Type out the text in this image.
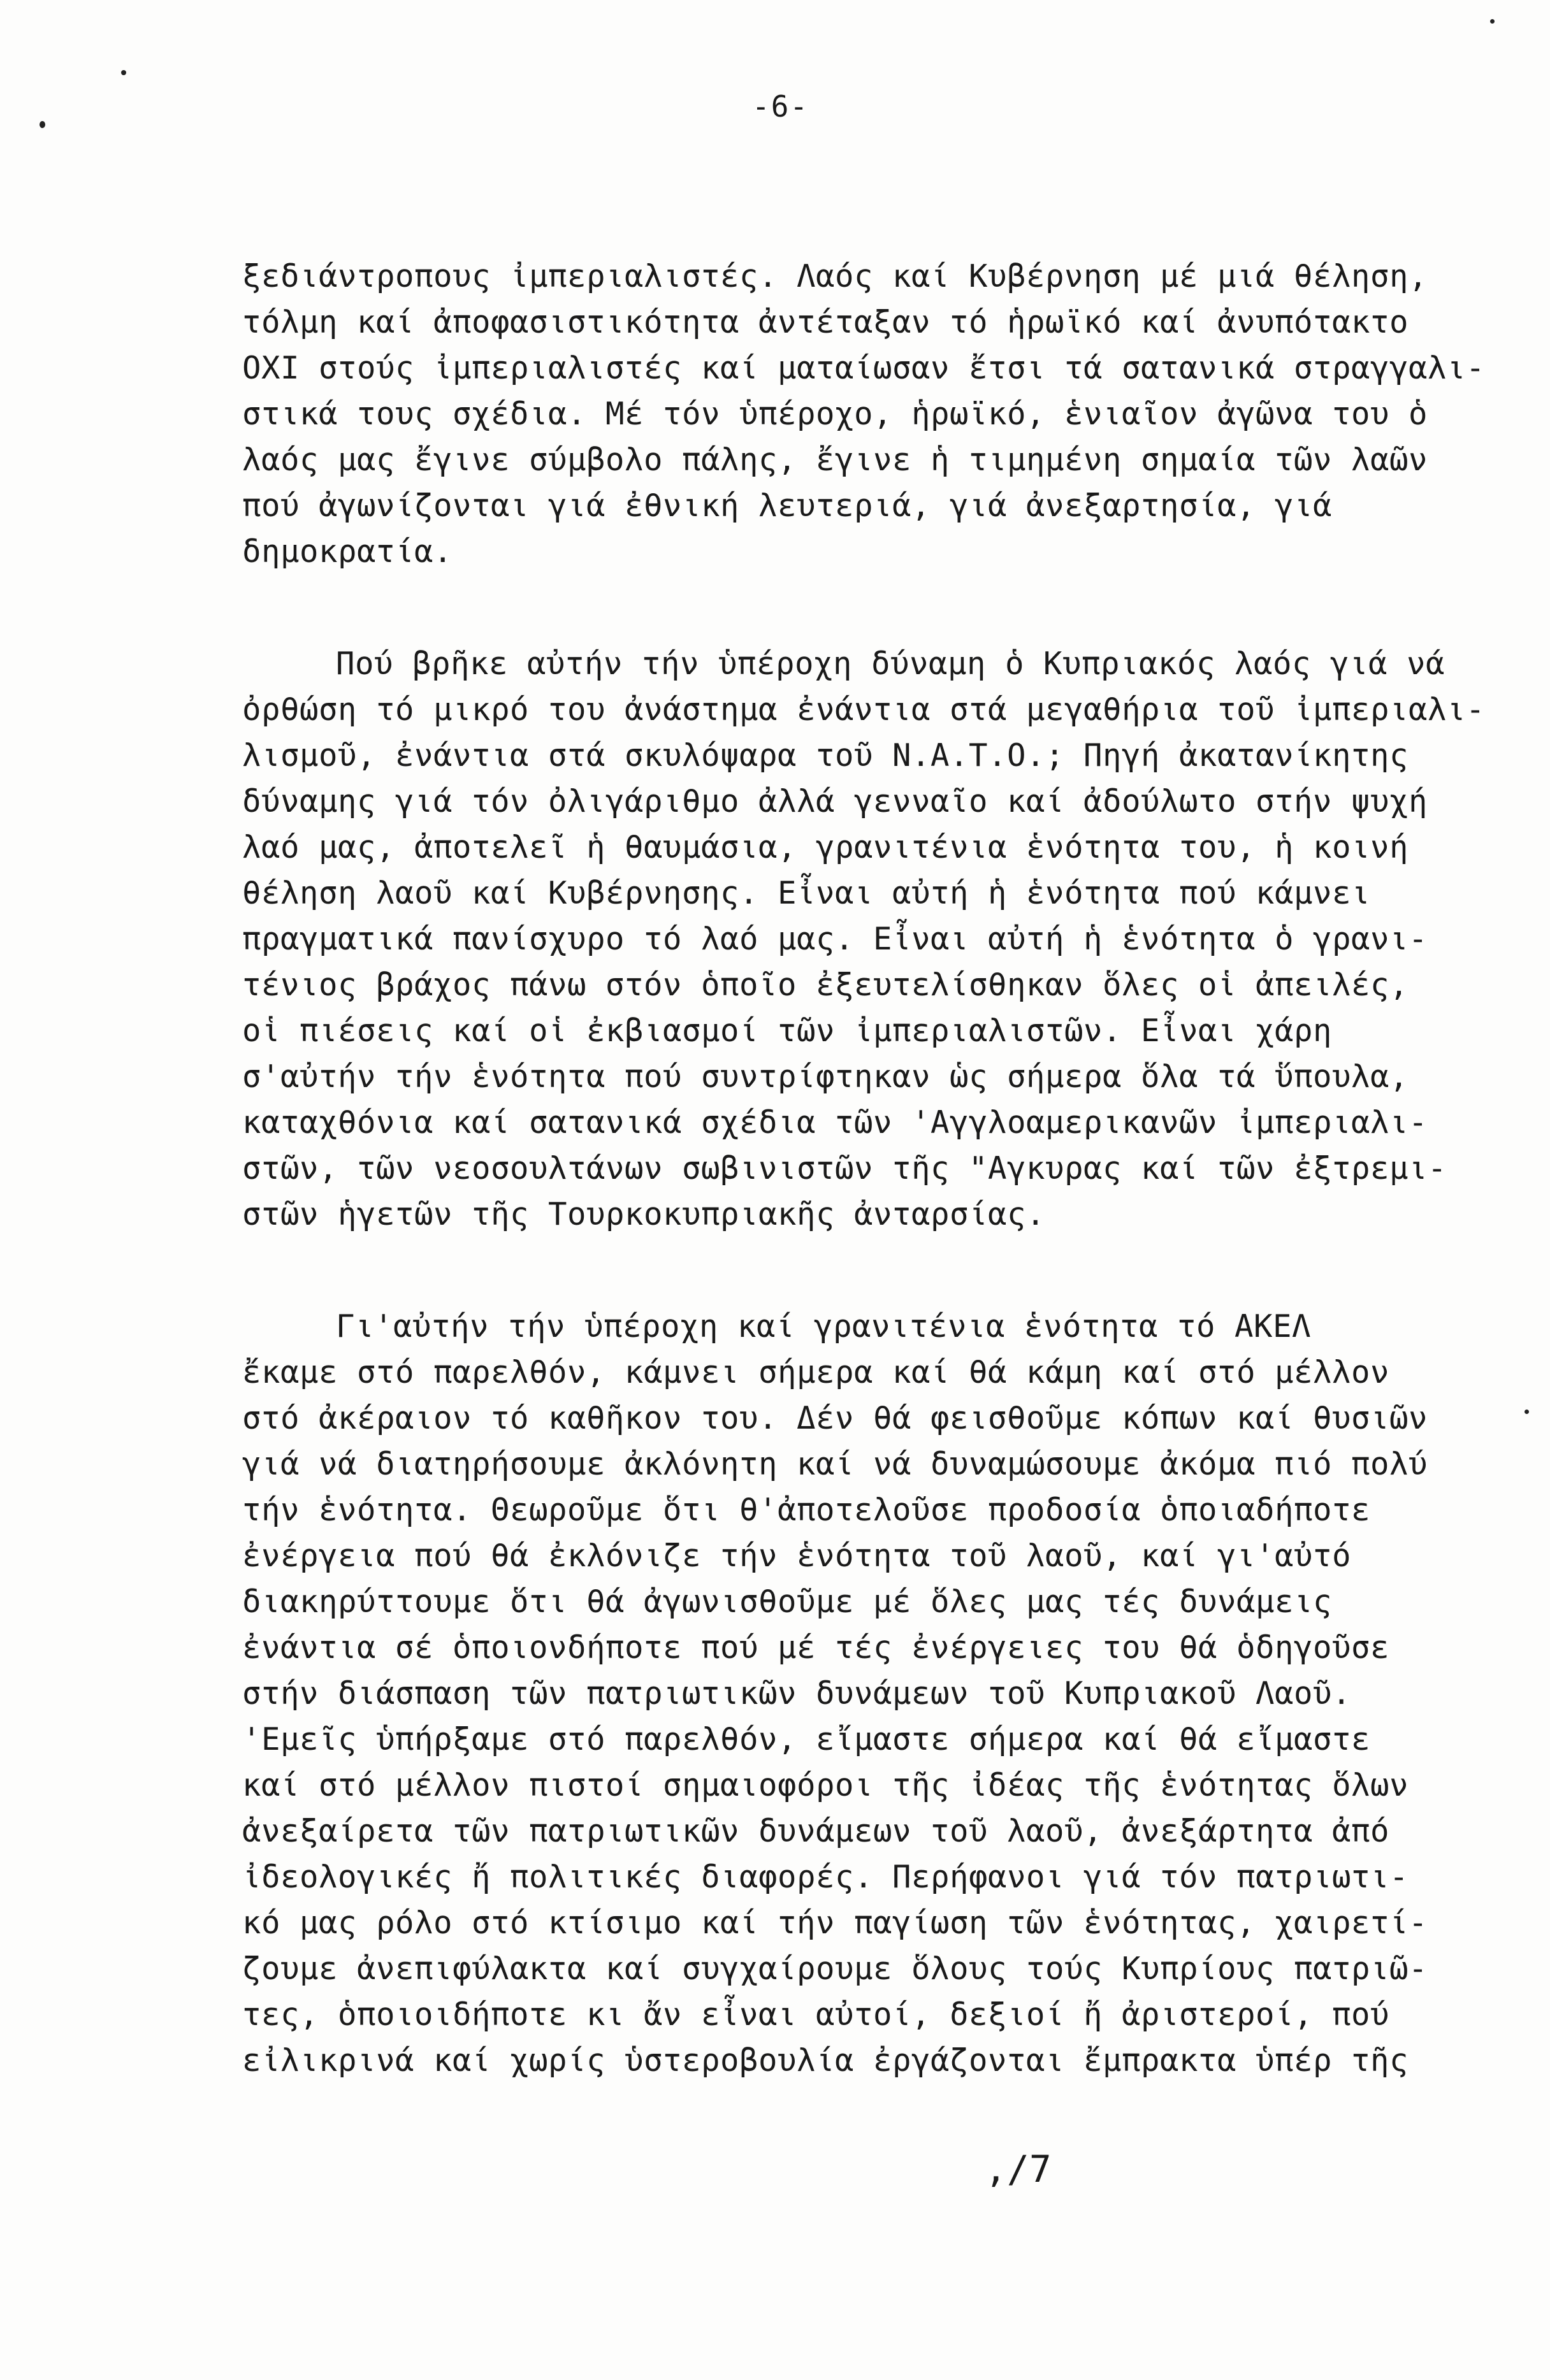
-6-
ξεδιάντροπους ἰμπεριαλιστές. Λαός καί Κυβέρνηση μέ μιά θέληση,
τόλμη καί ἀποφασιστικότητα ἀντέταξαν τό ἡρωϊκό καί ἀνυπότακτο
ΟΧΙ στούς ἰμπεριαλιστές καί ματαίωσαν ἔτσι τά σατανικά στραγγαλι-
στικά τους σχέδια. Μέ τόν ὑπέροχο, ἡρωϊκό, ἑνιαῖον ἀγῶνα του ὁ
λαός μας ἔγινε σύμβολο πάλης, ἔγινε ἡ τιμημένη σημαία τῶν λαῶν
πού ἀγωνίζονται γιά ἐθνική λευτεριά, γιά ἀνεξαρτησία, γιά
δημοκρατία.
Πού βρῆκε αὐτήν τήν ὑπέροχη δύναμη ὁ Κυπριακός λαός γιά νά
ὀρθώση τό μικρό του ἀνάστημα ἐνάντια στά μεγαθήρια τοῦ ἰμπεριαλι-
λισμοῦ, ἐνάντια στά σκυλόψαρα τοῦ Ν.Α.Τ.Ο.; Πηγή ἀκατανίκητης
δύναμης γιά τόν ὀλιγάριθμο ἀλλά γενναῖο καί ἀδούλωτο στήν ψυχή
λαό μας, ἀποτελεῖ ἡ θαυμάσια, γρανιτένια ἑνότητα του, ἡ κοινή
θέληση λαοῦ καί Κυβέρνησης. Εἶναι αὐτή ἡ ἑνότητα πού κάμνει
πραγματικά πανίσχυρο τό λαό μας. Εἶναι αὐτή ἡ ἑνότητα ὁ γρανι-
τένιος βράχος πάνω στόν ὁποῖο ἐξευτελίσθηκαν ὅλες οἱ ἀπειλές,
οἱ πιέσεις καί οἱ ἐκβιασμοί τῶν ἰμπεριαλιστῶν. Εἶναι χάρη
σ'αὐτήν τήν ἑνότητα πού συντρίφτηκαν ὡς σήμερα ὅλα τά ὕπουλα,
καταχθόνια καί σατανικά σχέδια τῶν 'Αγγλοαμερικανῶν ἰμπεριαλι-
στῶν, τῶν νεοσουλτάνων σωβινιστῶν τῆς "Αγκυρας καί τῶν ἐξτρεμι-
στῶν ἡγετῶν τῆς Τουρκοκυπριακῆς ἀνταρσίας.
Γι'αὐτήν τήν ὑπέροχη καί γρανιτένια ἑνότητα τό ΑΚΕΛ
ἔκαμε στό παρελθόν, κάμνει σήμερα καί θά κάμη καί στό μέλλον
στό ἀκέραιον τό καθῆκον του. Δέν θά φεισθοῦμε κόπων καί θυσιῶν
γιά νά διατηρήσουμε ἀκλόνητη καί νά δυναμώσουμε ἀκόμα πιό πολύ
τήν ἑνότητα. Θεωροῦμε ὅτι θ'ἀποτελοῦσε προδοσία ὁποιαδήποτε
ἐνέργεια πού θά ἐκλόνιζε τήν ἑνότητα τοῦ λαοῦ, καί γι'αὐτό
διακηρύττουμε ὅτι θά ἀγωνισθοῦμε μέ ὅλες μας τές δυνάμεις
ἐνάντια σέ ὁποιονδήποτε πού μέ τές ἐνέργειες του θά ὁδηγοῦσε
στήν διάσπαση τῶν πατριωτικῶν δυνάμεων τοῦ Κυπριακοῦ Λαοῦ.
'Εμεῖς ὑπήρξαμε στό παρελθόν, εἴμαστε σήμερα καί θά εἴμαστε
καί στό μέλλον πιστοί σημαιοφόροι τῆς ἰδέας τῆς ἑνότητας ὅλων
ἀνεξαίρετα τῶν πατριωτικῶν δυνάμεων τοῦ λαοῦ, ἀνεξάρτητα ἀπό
ἰδεολογικές ἤ πολιτικές διαφορές. Περήφανοι γιά τόν πατριωτι-
κό μας ρόλο στό κτίσιμο καί τήν παγίωση τῶν ἑνότητας, χαιρετί-
ζουμε ἀνεπιφύλακτα καί συγχαίρουμε ὅλους τούς Κυπρίους πατριῶ-
τες, ὁποιοιδήποτε κι ἄν εἶναι αὐτοί, δεξιοί ἤ ἀριστεροί, πού
εἰλικρινά καί χωρίς ὑστεροβουλία ἐργάζονται ἔμπρακτα ὑπέρ τῆς
,/7
